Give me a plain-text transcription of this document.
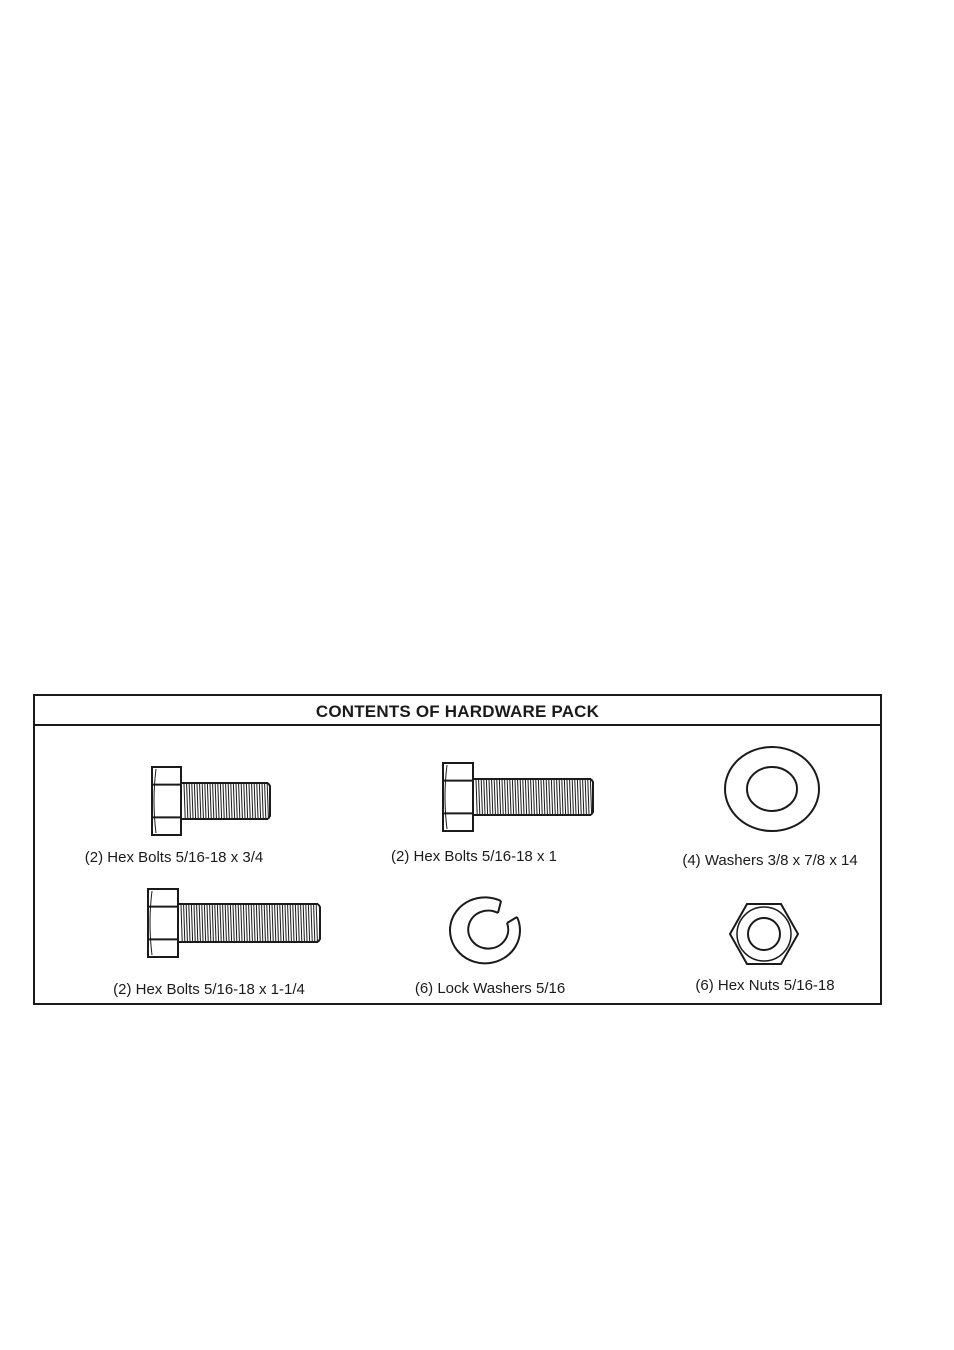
CONTENTS OF HARDWARE PACK
(2) Hex Bolts 5/16-18 x 3/4	(2) Hex Bolts 5/16-18 x 1	(4) Washers 3/8 x 7/8 x 14
(2) Hex Bolts 5/16-18 x 1-1/4	(6) Lock Washers 5/16	(6) Hex Nuts 5/16-18
